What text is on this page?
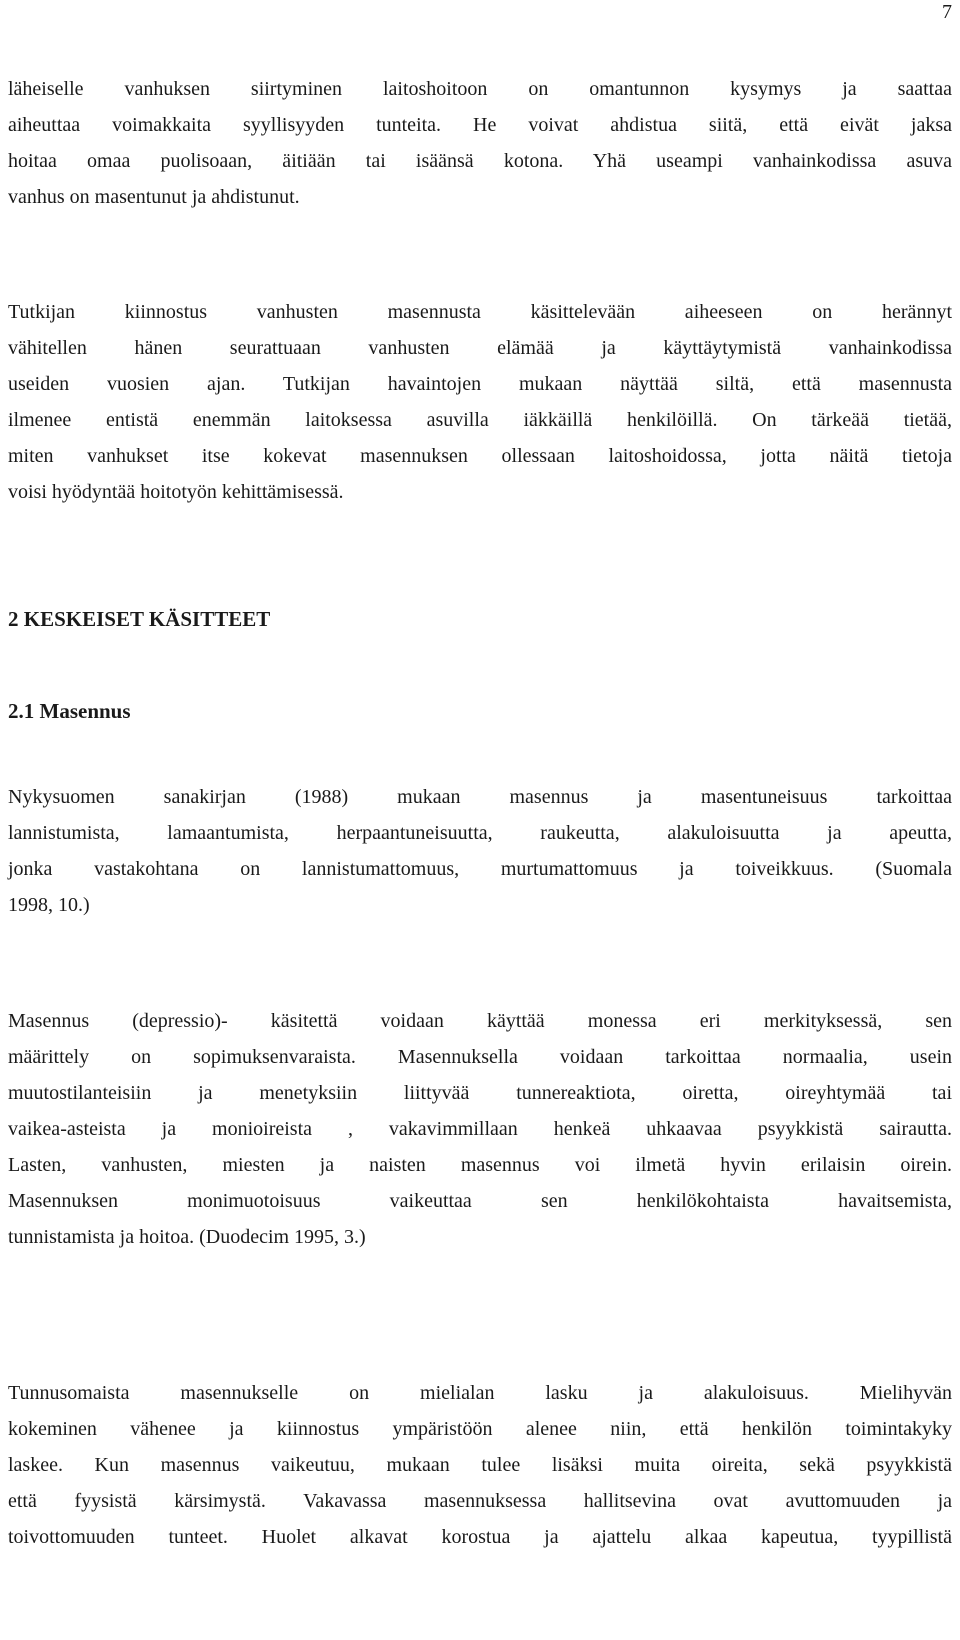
7

läheiselle vanhuksen siirtyminen laitoshoitoon on omantunnon kysymys ja saattaa
aiheuttaa voimakkaita syyllisyyden tunteita. He voivat ahdistua siitä, että eivät jaksa
hoitaa omaa puolisoaan, äitiään tai isäänsä kotona. Yhä useampi vanhainkodissa asuva
vanhus on masentunut ja ahdistunut.

Tutkijan kiinnostus vanhusten masennusta käsittelevään aiheeseen on herännyt
vähitellen hänen seurattuaan vanhusten elämää ja käyttäytymistä vanhainkodissa
useiden vuosien ajan. Tutkijan havaintojen mukaan näyttää siltä, että masennusta
ilmenee entistä enemmän laitoksessa asuvilla iäkkäillä henkilöillä. On tärkeää tietää,
miten vanhukset itse kokevat masennuksen ollessaan laitoshoidossa, jotta näitä tietoja
voisi hyödyntää hoitotyön kehittämisessä.

2 KESKEISET KÄSITTEET
2.1 Masennus

Nykysuomen sanakirjan (1988) mukaan masennus ja masentuneisuus tarkoittaa
lannistumista, lamaantumista, herpaantuneisuutta, raukeutta, alakuloisuutta ja apeutta,
jonka vastakohtana on lannistumattomuus, murtumattomuus ja toiveikkuus. (Suomala
1998, 10.)

Masennus (depressio)- käsitettä voidaan käyttää monessa eri merkityksessä, sen
määrittely on sopimuksenvaraista. Masennuksella voidaan tarkoittaa normaalia, usein
muutostilanteisiin ja menetyksiin liittyvää tunnereaktiota, oiretta, oireyhtymää tai
vaikea-asteista ja monioireista , vakavimmillaan henkeä uhkaavaa psyykkistä sairautta.
Lasten, vanhusten, miesten ja naisten masennus voi ilmetä hyvin erilaisin oirein.
Masennuksen monimuotoisuus vaikeuttaa sen henkilökohtaista havaitsemista,
tunnistamista ja hoitoa. (Duodecim 1995, 3.)

Tunnusomaista masennukselle on mielialan lasku ja alakuloisuus. Mielihyvän
kokeminen vähenee ja kiinnostus ympäristöön alenee niin, että henkilön toimintakyky
laskee. Kun masennus vaikeutuu, mukaan tulee lisäksi muita oireita, sekä psyykkistä
että fyysistä kärsimystä. Vakavassa masennuksessa hallitsevina ovat avuttomuuden ja
toivottomuuden tunteet. Huolet alkavat korostua ja ajattelu alkaa kapeutua, tyypillistä
